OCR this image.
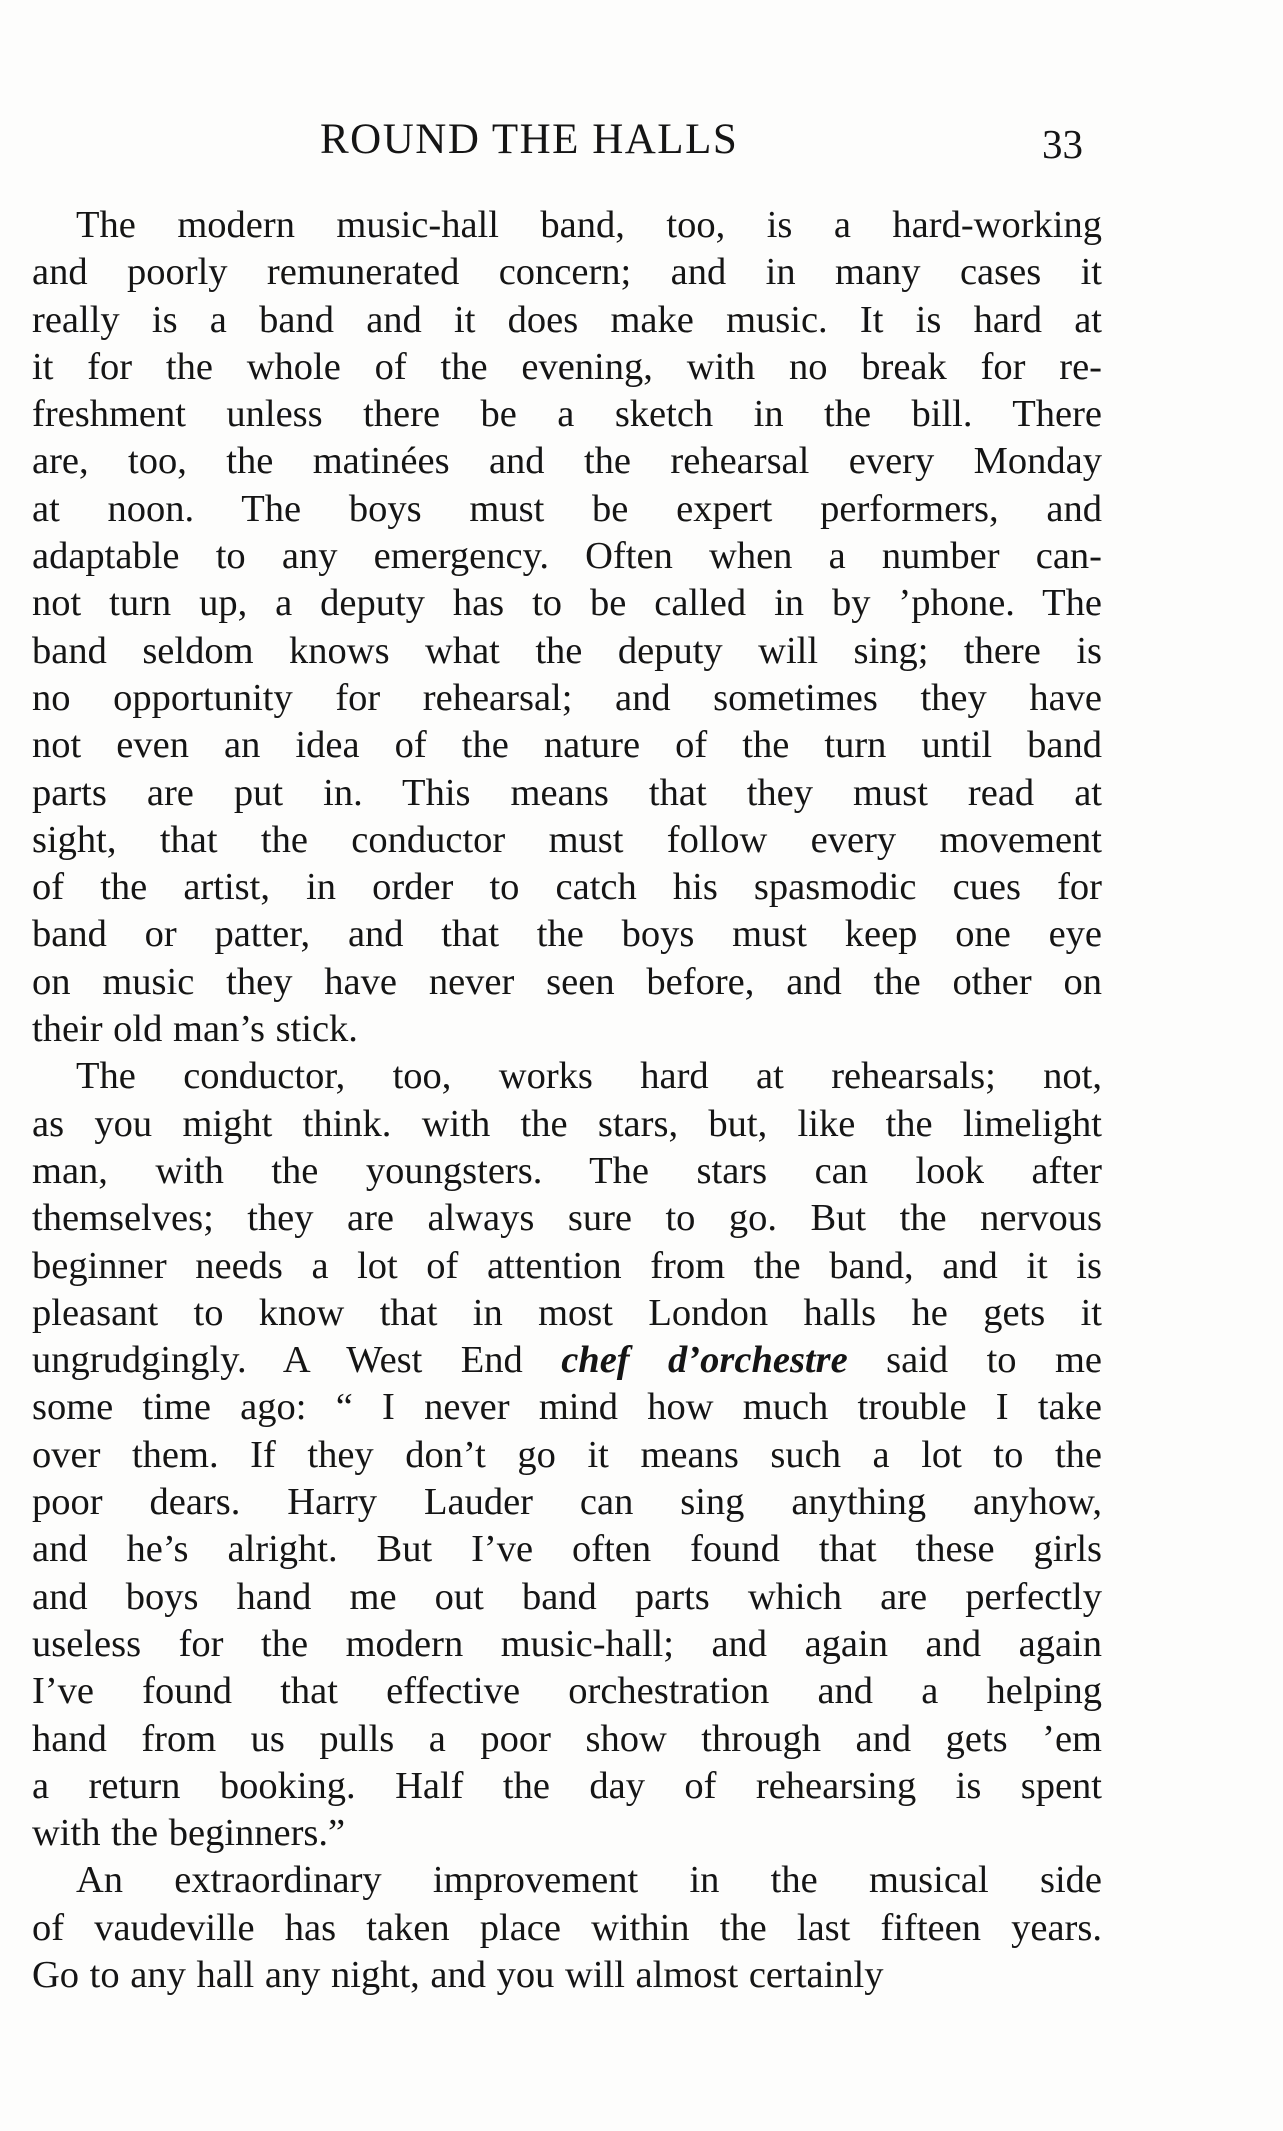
ROUND THE HALLS	33
The modern music-hall band, too, is a hard-working
and poorly remunerated concern; and in many cases it
really is a band and it does make music. It is hard at
it for the whole of the evening, with no break for re-
freshment unless there be a sketch in the bill. There
are, too, the matinées and the rehearsal every Monday
at noon. The boys must be expert performers, and
adaptable to any emergency. Often when a number can-
not turn up, a deputy has to be called in by ’phone. The
band seldom knows what the deputy will sing; there is
no opportunity for rehearsal; and sometimes they have
not even an idea of the nature of the turn until band
parts are put in. This means that they must read at
sight, that the conductor must follow every movement
of the artist, in order to catch his spasmodic cues for
band or patter, and that the boys must keep one eye
on music they have never seen before, and the other on
their old man’s stick.
The conductor, too, works hard at rehearsals; not,
as you might think. with the stars, but, like the limelight
man, with the youngsters. The stars can look after
themselves; they are always sure to go. But the nervous
beginner needs a lot of attention from the band, and it is
pleasant to know that in most London halls he gets it
ungrudgingly. A West End chef d’orchestre said to me
some time ago: “ I never mind how much trouble I take
over them. If they don’t go it means such a lot to the
poor dears. Harry Lauder can sing anything anyhow,
and he’s alright. But I’ve often found that these girls
and boys hand me out band parts which are perfectly
useless for the modern music-hall; and again and again
I’ve found that effective orchestration and a helping
hand from us pulls a poor show through and gets ’em
a return booking. Half the day of rehearsing is spent
with the beginners.”
An extraordinary improvement in the musical side
of vaudeville has taken place within the last fifteen years.
Go to any hall any night, and you will almost certainly
